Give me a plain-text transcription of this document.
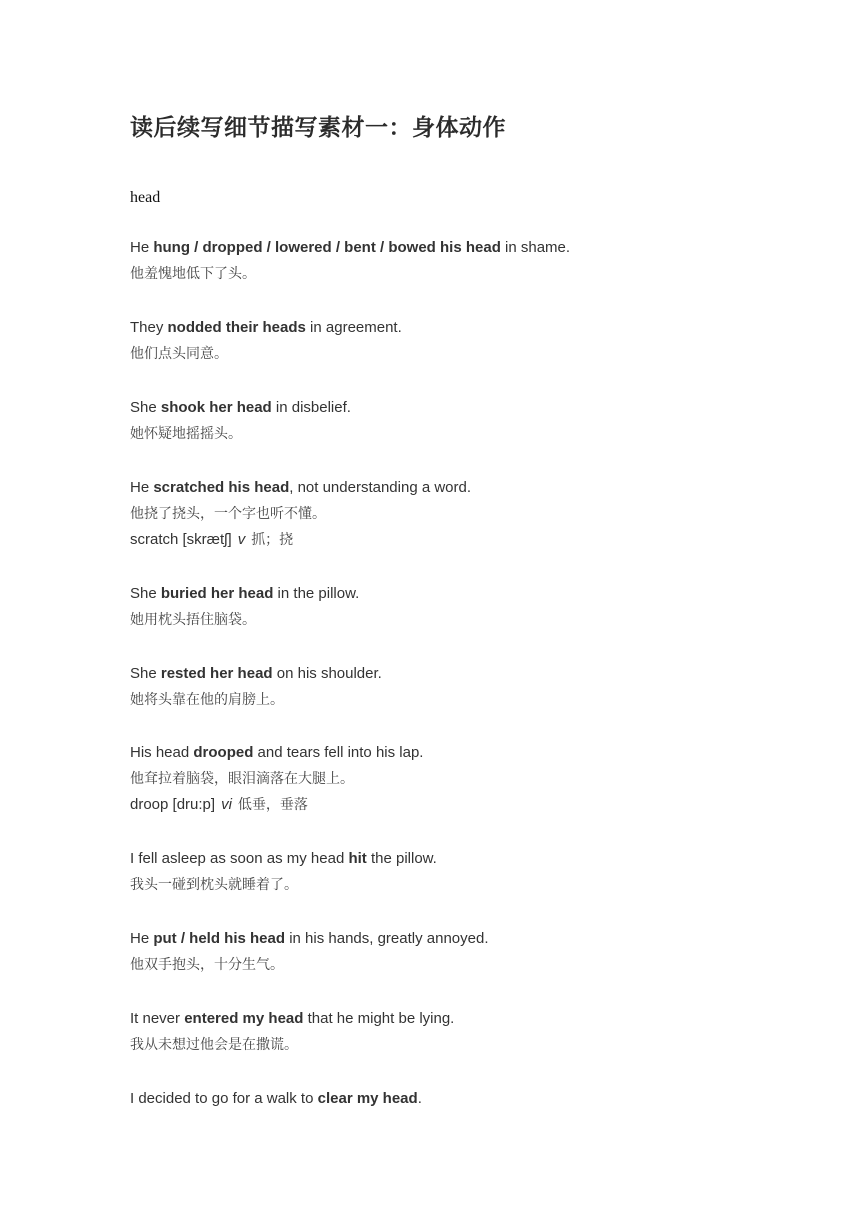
读后续写细节描写素材一：身体动作
head
He hung / dropped / lowered / bent / bowed his head in shame.
他羞愧地低下了头。
They nodded their heads in agreement.
他们点头同意。
She shook her head in disbelief.
她怀疑地摇摇头。
He scratched his head, not understanding a word.
他挠了挠头，一个字也听不懂。
scratch [skrætʃ] v 抓；挠
She buried her head in the pillow.
她用枕头捂住脑袋。
She rested her head on his shoulder.
她将头靠在他的肩膀上。
His head drooped and tears fell into his lap.
他耷拉着脑袋，眼泪滴落在大腿上。
droop [dru:p] vi 低垂，垂落
I fell asleep as soon as my head hit the pillow.
我头一碰到枕头就睡着了。
He put / held his head in his hands, greatly annoyed.
他双手抱头，十分生气。
It never entered my head that he might be lying.
我从未想过他会是在撒谎。
I decided to go for a walk to clear my head.
